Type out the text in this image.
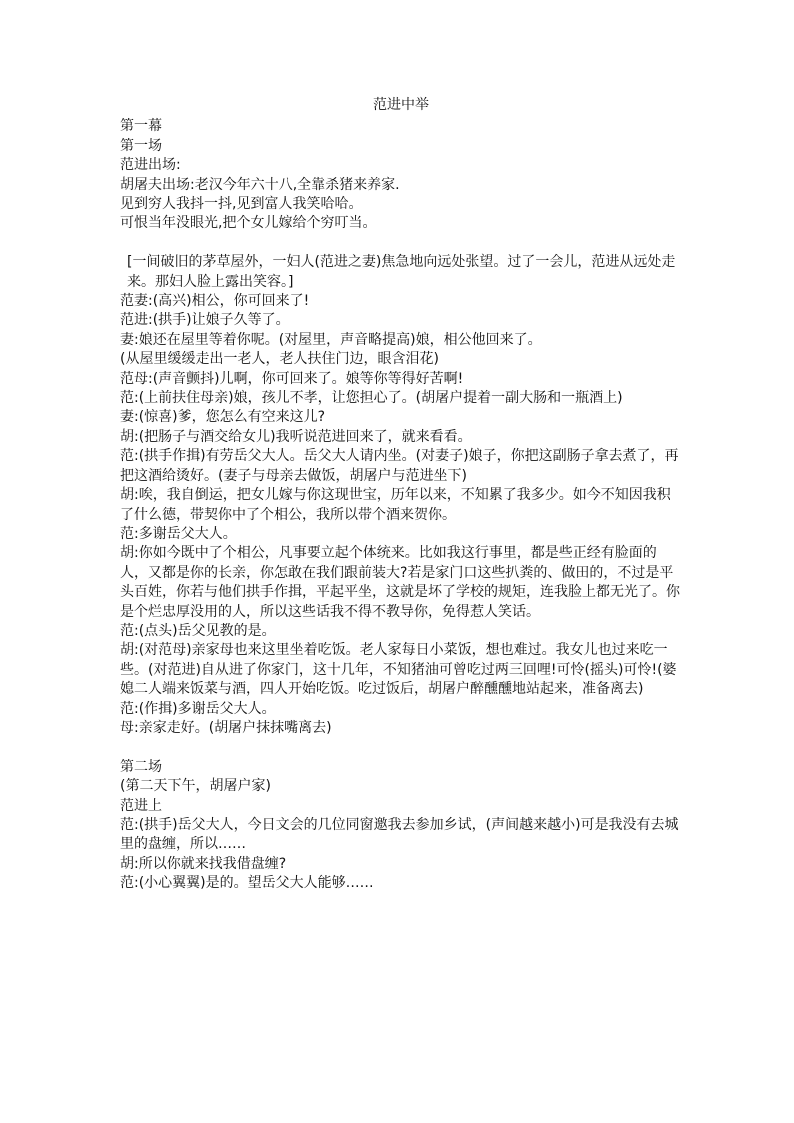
范进中举
第一幕
第一场
范进出场:
胡屠夫出场:老汉今年六十八,全靠杀猪来养家.
见到穷人我抖一抖,见到富人我笑哈哈。
可恨当年没眼光,把个女儿嫁给个穷叮当。
[一间破旧的茅草屋外，一妇人(范进之妻)焦急地向远处张望。过了一会儿，范进从远处走来。那妇人脸上露出笑容。]
范妻:(高兴)相公，你可回来了!
范进:(拱手)让娘子久等了。
妻:娘还在屋里等着你呢。(对屋里，声音略提高)娘，相公他回来了。
(从屋里缓缓走出一老人，老人扶住门边，眼含泪花)
范母:(声音颤抖)儿啊，你可回来了。娘等你等得好苦啊!
范:(上前扶住母亲)娘，孩儿不孝，让您担心了。(胡屠户提着一副大肠和一瓶酒上)
妻:(惊喜)爹，您怎么有空来这儿?
胡:(把肠子与酒交给女儿)我听说范进回来了，就来看看。
范:(拱手作揖)有劳岳父大人。岳父大人请内坐。(对妻子)娘子，你把这副肠子拿去煮了，再把这酒给烫好。(妻子与母亲去做饭，胡屠户与范进坐下)
胡:唉，我自倒运，把女儿嫁与你这现世宝，历年以来，不知累了我多少。如今不知因我积了什么德，带契你中了个相公，我所以带个酒来贺你。
范:多谢岳父大人。
胡:你如今既中了个相公，凡事要立起个体统来。比如我这行事里，都是些正经有脸面的人，又都是你的长亲，你怎敢在我们跟前装大?若是家门口这些扒粪的、做田的，不过是平头百姓，你若与他们拱手作揖，平起平坐，这就是坏了学校的规矩，连我脸上都无光了。你是个烂忠厚没用的人，所以这些话我不得不教导你，免得惹人笑话。
范:(点头)岳父见教的是。
胡:(对范母)亲家母也来这里坐着吃饭。老人家每日小菜饭，想也难过。我女儿也过来吃一些。(对范进)自从进了你家门，这十几年，不知猪油可曾吃过两三回哩!可怜(摇头)可怜!(婆媳二人端来饭菜与酒，四人开始吃饭。吃过饭后，胡屠户醉醺醺地站起来，准备离去)
范:(作揖)多谢岳父大人。
母:亲家走好。(胡屠户抹抹嘴离去)
第二场
(第二天下午，胡屠户家)
范进上
范:(拱手)岳父大人，今日文会的几位同窗邀我去参加乡试，(声间越来越小)可是我没有去城里的盘缠，所以……
胡:所以你就来找我借盘缠?
范:(小心翼翼)是的。望岳父大人能够……
